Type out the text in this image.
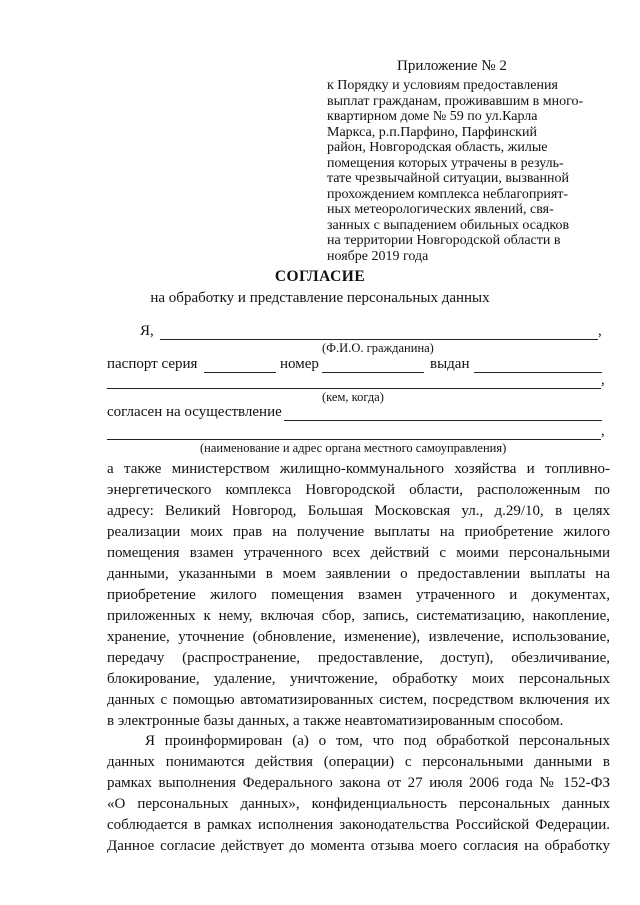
Приложение № 2
к Порядку и условиям предоставления
выплат гражданам, проживавшим в много-
квартирном доме № 59 по ул.Карла
Маркса, р.п.Парфино, Парфинский
район, Новгородская область, жилые
помещения которых утрачены в резуль-
тате чрезвычайной ситуации, вызванной
прохождением комплекса неблагоприят-
ных метеорологических явлений, свя-
занных с выпадением обильных осадков
на территории Новгородской области в
ноябре 2019 года
СОГЛАСИЕ
на обработку и представление персональных данных
Я,	,
(Ф.И.О. гражданина)
паспорт серия	номер	выдан
,
(кем, когда)
согласен на осуществление
,
(наименование и адрес органа местного самоуправления)
а также министерством жилищно-коммунального хозяйства и топливно-
энергетического комплекса Новгородской области, расположенным по
адресу: Великий Новгород, Большая Московская ул., д.29/10, в целях
реализации моих прав на получение выплаты на приобретение жилого
помещения взамен утраченного всех действий с моими персональными
данными, указанными в моем заявлении о предоставлении выплаты на
приобретение жилого помещения взамен утраченного и документах,
приложенных к нему, включая сбор, запись, систематизацию, накопление,
хранение, уточнение (обновление, изменение), извлечение, использование,
передачу (распространение, предоставление, доступ), обезличивание,
блокирование, удаление, уничтожение, обработку моих персональных
данных с помощью автоматизированных систем, посредством включения их
в электронные базы данных, а также неавтоматизированным способом.
Я проинформирован (а) о том, что под обработкой персональных
данных понимаются действия (операции) с персональными данными в
рамках выполнения Федерального закона от 27 июля 2006 года № 152-ФЗ
«О персональных данных», конфиденциальность персональных данных
соблюдается в рамках исполнения законодательства Российской Федерации.
Данное согласие действует до момента отзыва моего согласия на обработку
